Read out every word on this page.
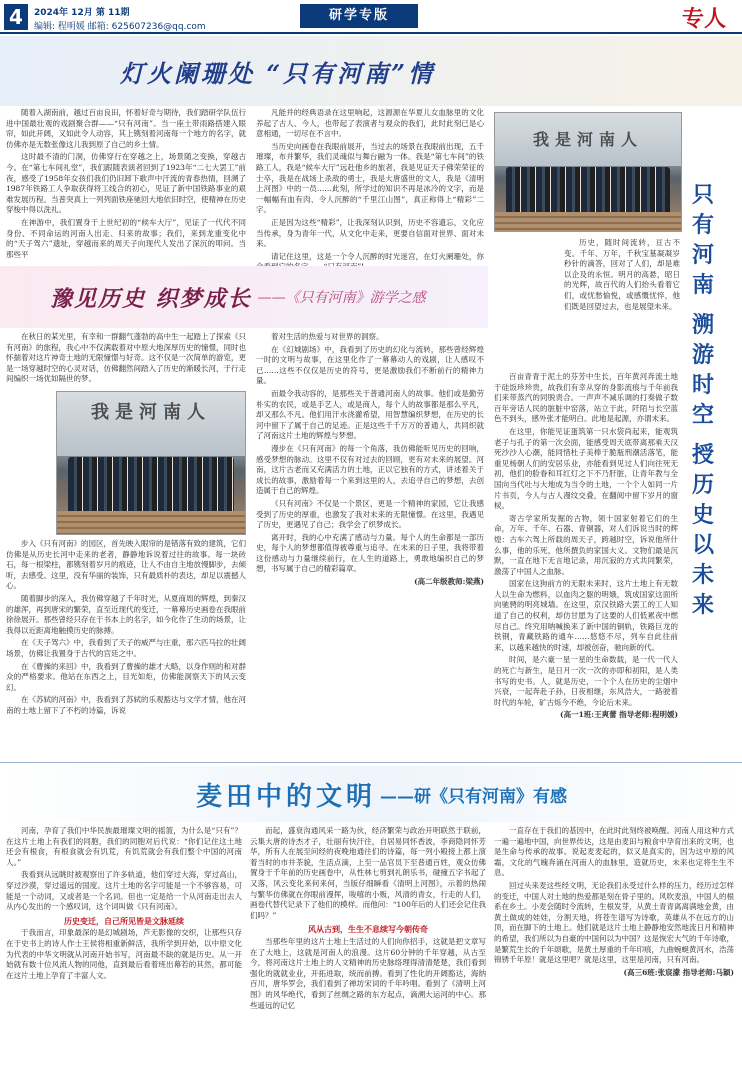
4	2024年 12月 第 11期
编辑: 程明媛 邮箱: 625607236@qq.com
研学专版	专人
灯火阑珊处 “只有河南”情

随着入湖南前，越过百亩良田，怀着好奇与期待，我们踏研学队伍行进中国最壮观的戏剧聚合群——“只有河南”。当一座土带雨路搭建入眼帘，如此开阔，又如此令人动容，其上镌刻着河南每一个地方的名字，就仿佛亦是无数张像这儿我到原了自己的乡土情。

这时最不清的门洞，仿佛穿行在穿越之上，场景随之变换，穿越古今。在“第七车间礼堂”，我们跟随表演者回到了1923年“二七大罢工”前夜，感受了1958年女孩们我们仍旧卸下歌声中汗流的青春热情，回溯了1987年铁路工人争取获得将工线合的初心，见证了新中国铁路事业的艰难发展历程。当普突真上一列列面铁座驰回大地依旧时空，使精神在历史穿梭中得以洗礼。

在神游中，我们置身于上世纪初的“候车大厅”，见证了一代代不同身份、不同命运的河南人出走、归来的故事；我们，来到龙重变化中的“天子驾六”遗址，穿越而来的周天子向现代人发出了深沉的叩问。当那些平

凡能并的经典语录在这里响起，这源源在华夏儿女血脉里的文化养起了古人、今人，也带起了表演者与观众的我们，此时此刻已是心意相通，一切尽在不言中。

当历史向画卷在我眼前展开，当过去的场景在我眼前出现，五千璀璨，布并繁华，我们灵魂似与舞台融为一体。我是“第七车间”的铁路工人，我是“候车大厅”远赴他乡的旅者，我是见证天子佛荣荣征的士卒，我是在战场上杀敌的勇士，我是大唐盛世的文人，我是《清明上河图》中的一员……此刻，所学过的知识不再是冰冷的文字，而是一幅幅有血有肉、令人沉醉的“千里江山图”，真正称得上“精彩”二字。

正是因为这些“精彩”，让我深刻认识到，历史不容遗忘，文化应当传承，身为青年一代，从文化中走来，更要自信面对世界、面对未来。

请记住这里，这是一个令人沉醉的时光迷宫，在灯火阑珊处，你

我是河南人
只
有
河
南
溯
游
时
空
授
历
史
以
未
来

历史，随时间流转，亘古不变。千年、万年，千秋宝墓凝凝岁秒针的滴答，回对了人们，却是难以企及的永恒。明月的高悬，昭日的光辉，故百代的人们抬头看着它们，或忧愁愉悦，或感慨忧悴，他们既是回望过去，也是展望未来。

百亩青青于泥土的芬芳中生长，百年黄河奔流土地于硅饭珍珍贵，故我们有幸从穿的身影流痕与千年前我们来带蒸汽的同脱责合。一声声不减乐调的打奏做子数百年旁话人民的脏脏中窑落，站立于此，阡陌与长空蓝色不到头，感外张才能明白。此地是起源，亦谓未来。

在这里，你能见证蛋筑第一只水袋尚起来，能观筑老子与孔子的第一次会面，能感受周天底带离那乘天汉死沙沙人心潮，能同惜杜子美棒于脆瓶刑潮活落笔，能重见杨朝人们的安居乐业，亦能看到见过人们向往死无初，他们的脸眷和耳红灯之下不乃肝脏，让青年教与全国向当代吐与大地成为当令的土地，一个个人如同一片片书页，今人与古人漫纹交叠，在翻阅中留下岁月的窗棂。

寄古学家所发掘的古物，领十国家射着它们的生命，万年、千年、石器、青铜器，对人们诉说当时的辉煌：古车六驾上所载的周天子，跨越时空，诉说他所什么事，他的乐死，他所撰负的家国大义。文物们最是沉默，一直在地下无言地记录，用沉寂的方式共同繁荣，激荡了中国人之血脉。

国家在这狗前方的无限未来时，这片土地上有无数人以生命为燃料，以血肉之躯的明娥，筑成国家这面所向驰骋的明亮城墙。在这里，京汉铁路大罢工的工人知道了自己的权利，却仿甘愿为了这要的人们低累夜中燃尽自己。终究用呐喊换来了新中国的铜轨，铁路巨龙的铁钢，青藏铁路的通车……悠悠不尽，列车自此往前来，以越来越快的时速，却被创奋，驰向新的代。

时间，是六豪一星一星的生命数载，是一代一代人的死亡与新生，是日月一次一次的亦即和初阳，是人类书写的史书。人，就是历史，一个个人在历史的尘烟中兴衰，一起奔赴子孙，日夜相继，东风浩大，一路驶着时代的车轮，矿古烁今不绝，今论后未来。

(高一1班:王爽蕾 指导老师:程明媛)
豫见历史 织梦成长 ——《只有河南》游学之感

在秋日的某光里，有幸和一群翻气蓬勃的高中生一起踏上了探索《只有河南》的旅程，我心中不仅满载着对中原大地深厚历史的憧憬，同时也怀揣着对这片神奇土地的无限憧憬与好奇。这不仅是一次简单的游览，更是一场穿越时空的心灵对话，仿佛翻然间踏入了历史的渐暖长河，于行走间编织一场优如隔世的梦。

我是河南人

步入《只有河南》的园区，首先映入眼帘的是错落有致的建筑，它们仿佛是从历史长河中走来的老者，静静地诉说着过往的故事。每一块砖石，每一根梁柱，都镌刻着岁月的痕迹，让人不由自主地放慢脚步，去倾听，去感受。这里，没有华丽的装饰，只有最质朴的表达，却足以震撼人心。

随着脚步的深入，我仿佛穿越了千年时光，从夏商周的辉煌，到秦汉的雄浑，再到唐宋的繁荣，直至近现代的变迁，一幕幕历史画卷在我眼前徐徐展开。那些曾经只存在于书本上的名字，如今化作了生动的场景，让我得以近距离地触摸历史的脉搏。

在《天子驾六》中，我看到了天子的威严与庄重，那六匹马拉的壮阔场景，仿佛让我置身于古代的宫廷之中。

在《曹操的来回》中，我看到了曹操的雄才大略，以身作则的和对群众的严格要求。他站在东西之上，目光如炬，仿佛能洞察天下的风云变幻。

在《苏轼的河南》中，我看到了苏轼的乐观豁达与文学才情，他在河南的土地上留下了不朽的诗篇，诉说

着对生活的热爱与对世界的洞察。

在《幻城剧场》中，我看到了历史的幻化与流转，那些曾经辉煌一时的文明与故事，在这里化作了一幕幕动人的戏剧，让人感叹不已……这些不仅仅是历史的符号，更是激励我们不断前行的精神力量。

而最令我动容的，是那些关于普通河南人的故事。他们或是勤劳朴实的农民，或是手艺人，或是商人，每个人的故事都是那么平凡，却又那么不凡。他们用汗水浇灌希望，用智慧编织梦想，在历史的长河中留下了属于自己的足迹。正是这些千千万万的普通人，共同织就了河南这片土地的辉煌与梦想。

漫步在《只有河南》的每一个角落，我仿佛能听见历史的回响，感受梦想的脉动。这里不仅有对过去的回顾，更有对未来的展望。河南，这片古老而又充满活力的土地，正以它独有的方式，讲述着关于成长的故事，激励着每一个来到这里的人，去追寻自己的梦想，去创造属于自己的辉煌。

《只有河南》不仅是一个景区，更是一个精神的家园，它让我感受到了历史的厚重，也激发了我对未来的无限憧憬。在这里，我遇见了历史，更遇见了自己；我学会了织梦成长。

离开时，我的心中充满了感动与力量。每个人的生命都是一部历史，每个人的梦想都值得被尊重与追寻。在未来的日子里，我将带着这份感动与力量继续前行，在人生的道路上，勇敢地编织自己的梦想，书写属于自己的精彩篇章。

(高二年级教师:梁燕)
麦田中的文明 ——研《只有河南》有感

河南，孕育了我们中华民族最璀璨文明的摇篮，为什么是“只有”？在这片土地上有我们的同胞，我们的同胞对后代说：“你们记住这土地还会有根食，有根食就会有饥荒，有饥荒就会有我们整个中国的河南人。”

我看到从远眺时被观察出了许多轨道，他们穿过大海，穿过高山，穿过沙漠，穿过遥远的国度。这片土地的名字可能是一个不够容易，可能是一个动词，又或者是一个名词。但也一定是给一个从河南走出去人从内心发出的一个感叹词，这个词叫做《只有河南》。

历史变迁，自己所见皆是文脉延续

于我而言，印象最深的是幻城剧场，芦无影像的交织，让那些只存在于史书上的诗人作士王侯将相重新鲜活，我所学到开始，以中原文化为代表的中华文明就从河南开始书写，河南最不缺的就是历史。从一开始就有数十位风流人物的同他，直到最后看着班出幕若的其然，都可能在这片土地上孕育了丰富人文。

而起，盛衰沟通风采一路为伙，经济繁荣与政治开明联然于联前，云集大唐的诗杰才子，壮丽有快汗往，自居易同怀香波，李商隐同怀芳华，所有人在展至问经的夜晚地通往们的诗篇，每一列小殿接上都上演着当时的市井茶貌，生活点滴，上至一品官员下至普通百姓，观众仿佛置身于千年前的历史画卷中，从性林七剪到礼朗乐书，碰撞五字书起了又落，风云变化来何来何，当版仔细瞬看《清明上河图》，示着的热闹与繁华仿佛就在你眼前漫挥，唆嘻的小贩，风清的青女，行走的人们，画卷代替代记录下了他们的模样。而他问：“100年后的人们还会记住我们吗？”

风从古到，生生不息续写今朝传奇

当那些年里的这片土地上生活过的人们向你招手，这就是把文章写在了大地上，这就是河南人的浪漫。这片60分钟的千年穿越，从古至今，将河南这片土地上的人文精神的历史脉络理得清清楚楚，我们看到强化的就就业业，开拓进取，统而前搏。看到了性化的开阔豁达，海纳百川，唐华罗会，我们看到了禅坊宋词的千年吟唱。看到了《清明上河图》的风华绝代，看到了丝绸之路的东方起点，滴溯大运河的中心。那些遥远的记忆

一直存在于我们的基因中，在此时此刻终被唤醒。河南人用这种方式一遍一遍地中国，向世界传达，这是由麦田与粮食中孕育出来的文明，也是生命与传承的故事。说起麦麦起的，似又是真实的，因为这中原的风霜，文化的气魄奔涌在河南人的血脉里，造就历史，未来也定将生生不息。

回过头来麦这些经文明，无论我们永受过什么样的压力，经历过怎样的变迁，中国人对土地的热爱都是刻在骨子里的。风吹麦浪，中国人的根系在乡土。小麦会随时令流转，生根发芽，从黄土青青离离满地金黄，由黄土做成的娃娃，分割天地，将苍生谱写为诗歌，英雄从不在远方的山顶，而在脚下的土地上。他们就是这片土地上静静地安然地流日月和精神的希望，我们所以为自豪的中国何以为中国？这是恢宏大气的千年诗歌，是繁荒生长的千年颂歌，是黄土厚重的千年印痕，九曲蜿蜒黄河水，浩荡锦锈千年原！就是这里吧？就是这里，这里是河南，只有河南。

(高三6班:张宸濛 指导老师:马颖)
